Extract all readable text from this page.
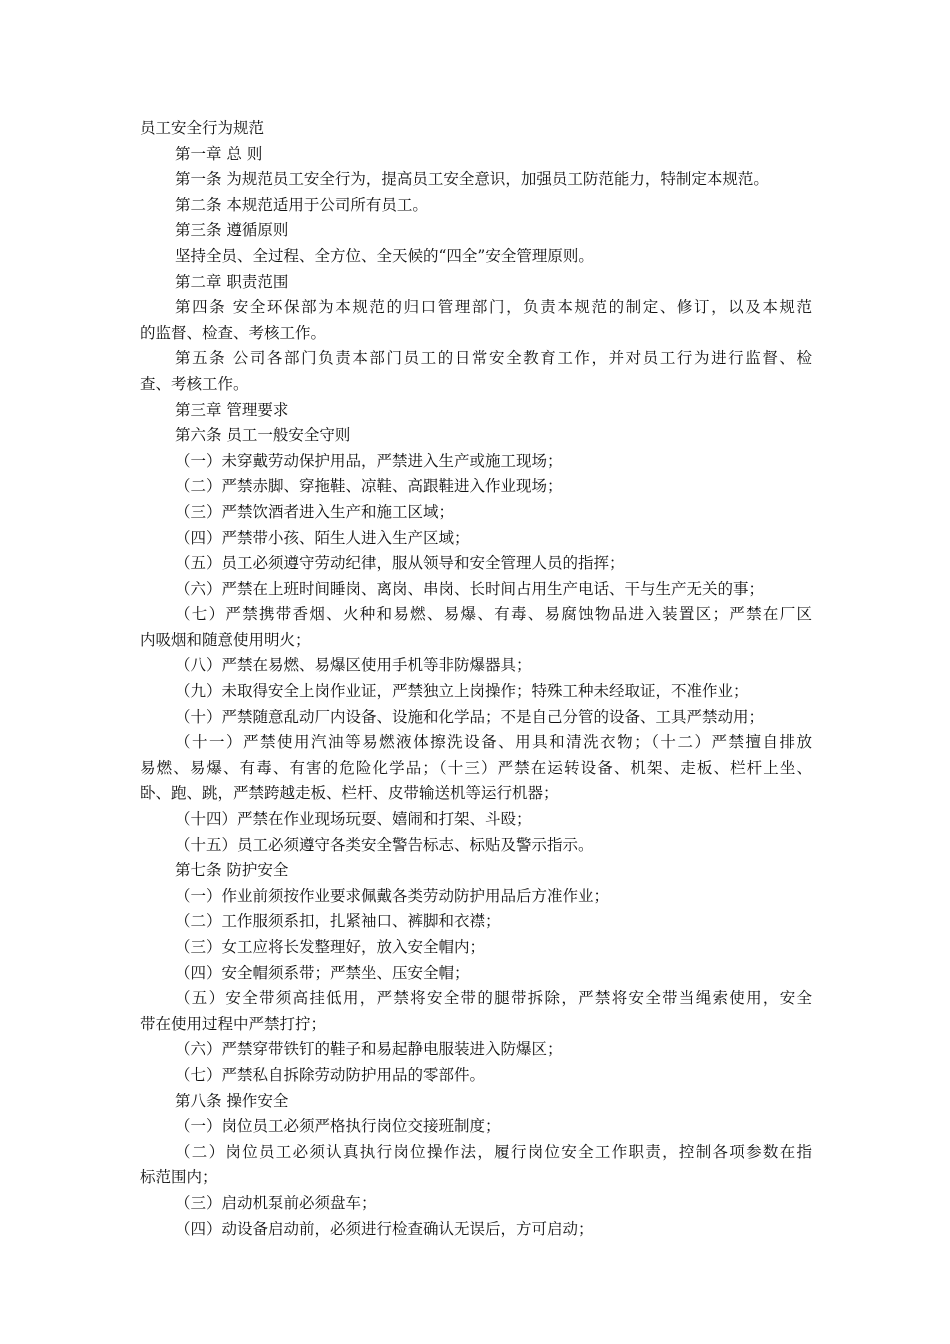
员工安全行为规范
第一章 总 则
第一条 为规范员工安全行为，提高员工安全意识，加强员工防范能力，特制定本规范。
第二条 本规范适用于公司所有员工。
第三条 遵循原则
坚持全员、全过程、全方位、全天候的“四全”安全管理原则。
第二章 职责范围
第四条 安全环保部为本规范的归口管理部门，负责本规范的制定、修订，以及本规范
的监督、检查、考核工作。
第五条 公司各部门负责本部门员工的日常安全教育工作，并对员工行为进行监督、检
查、考核工作。
第三章 管理要求
第六条 员工一般安全守则
（一）未穿戴劳动保护用品，严禁进入生产或施工现场；
（二）严禁赤脚、穿拖鞋、凉鞋、高跟鞋进入作业现场；
（三）严禁饮酒者进入生产和施工区域；
（四）严禁带小孩、陌生人进入生产区域；
（五）员工必须遵守劳动纪律，服从领导和安全管理人员的指挥；
（六）严禁在上班时间睡岗、离岗、串岗、长时间占用生产电话、干与生产无关的事；
（七）严禁携带香烟、火种和易燃、易爆、有毒、易腐蚀物品进入装置区；严禁在厂区
内吸烟和随意使用明火；
（八）严禁在易燃、易爆区使用手机等非防爆器具；
（九）未取得安全上岗作业证，严禁独立上岗操作；特殊工种未经取证，不准作业；
（十）严禁随意乱动厂内设备、设施和化学品；不是自己分管的设备、工具严禁动用；
（十一）严禁使用汽油等易燃液体擦洗设备、用具和清洗衣物；（十二）严禁擅自排放
易燃、易爆、有毒、有害的危险化学品；（十三）严禁在运转设备、机架、走板、栏杆上坐、
卧、跑、跳，严禁跨越走板、栏杆、皮带输送机等运行机器；
（十四）严禁在作业现场玩耍、嬉闹和打架、斗殴；
（十五）员工必须遵守各类安全警告标志、标贴及警示指示。
第七条 防护安全
（一）作业前须按作业要求佩戴各类劳动防护用品后方准作业；
（二）工作服须系扣，扎紧袖口、裤脚和衣襟；
（三）女工应将长发整理好，放入安全帽内；
（四）安全帽须系带；严禁坐、压安全帽；
（五）安全带须高挂低用，严禁将安全带的腿带拆除，严禁将安全带当绳索使用，安全
带在使用过程中严禁打拧；
（六）严禁穿带铁钉的鞋子和易起静电服装进入防爆区；
（七）严禁私自拆除劳动防护用品的零部件。
第八条 操作安全
（一）岗位员工必须严格执行岗位交接班制度；
（二）岗位员工必须认真执行岗位操作法，履行岗位安全工作职责，控制各项参数在指
标范围内；
（三）启动机泵前必须盘车；
（四）动设备启动前，必须进行检查确认无误后，方可启动；
